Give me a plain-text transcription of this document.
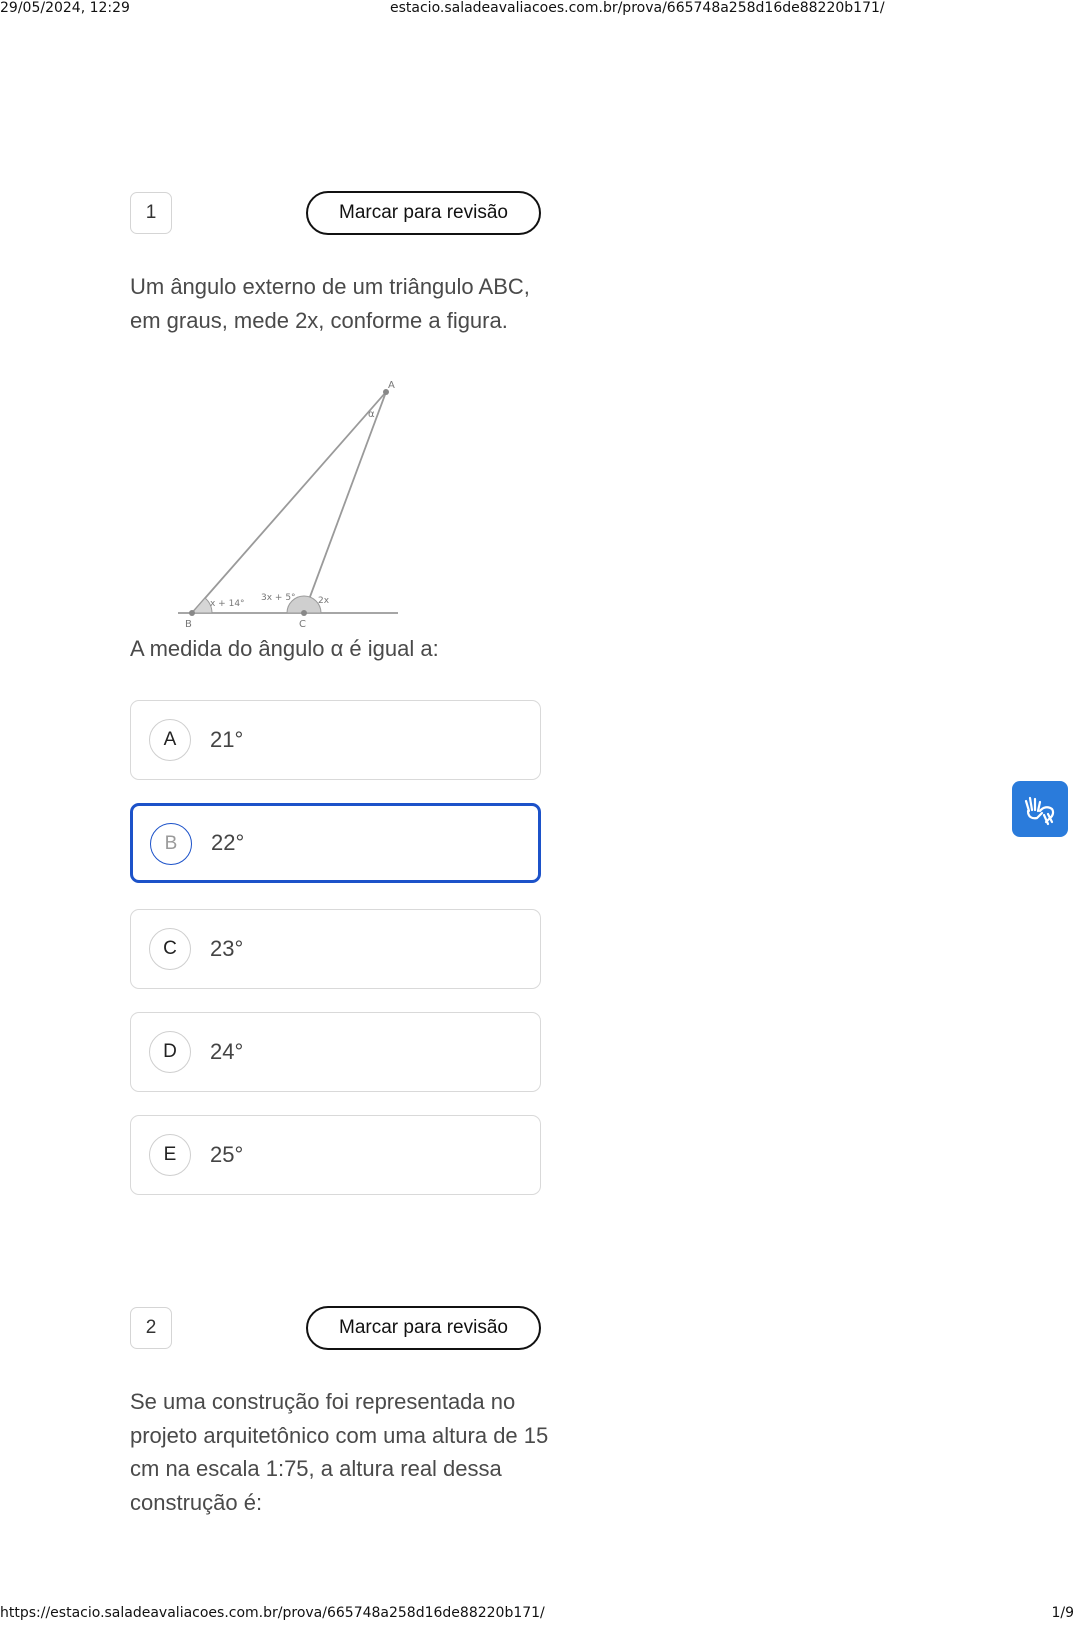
29/05/2024, 12:29	estacio.saladeavaliacoes.com.br/prova/665748a258d16de88220b171/
1	Marcar para revisão
Um ângulo externo de um triângulo ABC, em graus, mede 2x, conforme a figura.
A
B	C
α
x + 14°
3x + 5° 2x
A medida do ângulo α é igual a:
A	21°
B	22°
C	23°
D	24°
E	25°
2	Marcar para revisão
Se uma construção foi representada no projeto arquitetônico com uma altura de 15 cm na escala 1:75, a altura real dessa construção é:
https://estacio.saladeavaliacoes.com.br/prova/665748a258d16de88220b171/	1/9
